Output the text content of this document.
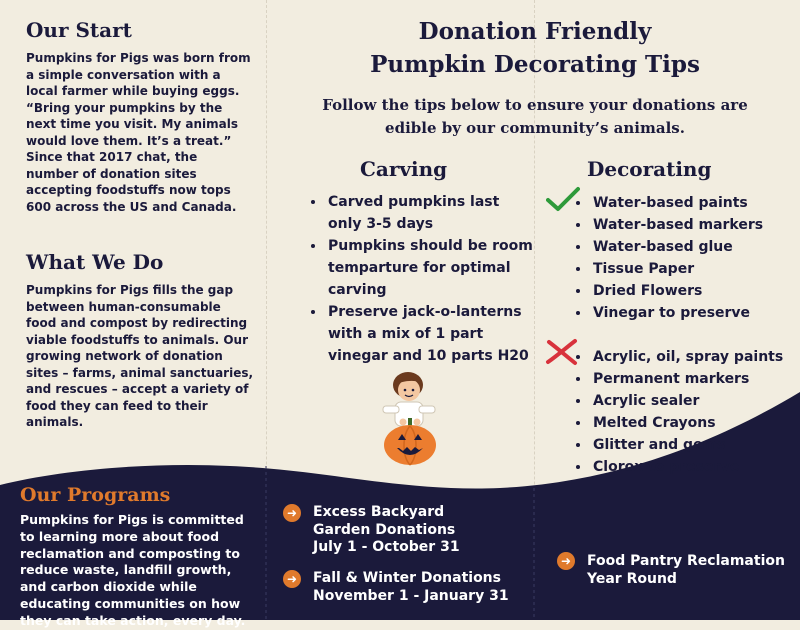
Our Start

Pumpkins for Pigs was born from a simple conversation with a local farmer while buying eggs. “Bring your pumpkins by the next time you visit. My animals would love them. It’s a treat.” Since that 2017 chat, the number of donation sites accepting foodstuffs now tops 600 across the US and Canada.

What We Do

Pumpkins for Pigs fills the gap between human-consumable food and compost by redirecting viable foodstuffs to animals. Our growing network of donation sites – farms, animal sanctuaries, and rescues – accept a variety of food they can feed to their animals.

Donation Friendly
Pumpkin Decorating Tips

Follow the tips below to ensure your donations are edible by our community’s animals.

Carving
• Carved pumpkins last only 3-5 days
• Pumpkins should be room temparture for optimal carving
• Preserve jack-o-lanterns with a mix of 1 part vinegar and 10 parts H20
Decorating
• Water-based paints
• Water-based markers
• Water-based glue
• Tissue Paper
• Dried Flowers
• Vinegar to preserve
• Acrylic, oil, spray paints
• Permanent markers
• Acrylic sealer
• Melted Crayons
• Glitter and gems
• Clorox to preserve
Our Programs

Pumpkins for Pigs is committed to learning more about food reclamation and composting to reduce waste, landfill growth, and carbon dioxide while educating communities on how they can take action, every day.

➜ Excess Backyard
Garden Donations
July 1 - October 31
➜ Fall & Winter Donations
November 1 - January 31
➜ Food Pantry Reclamation
Year Round
